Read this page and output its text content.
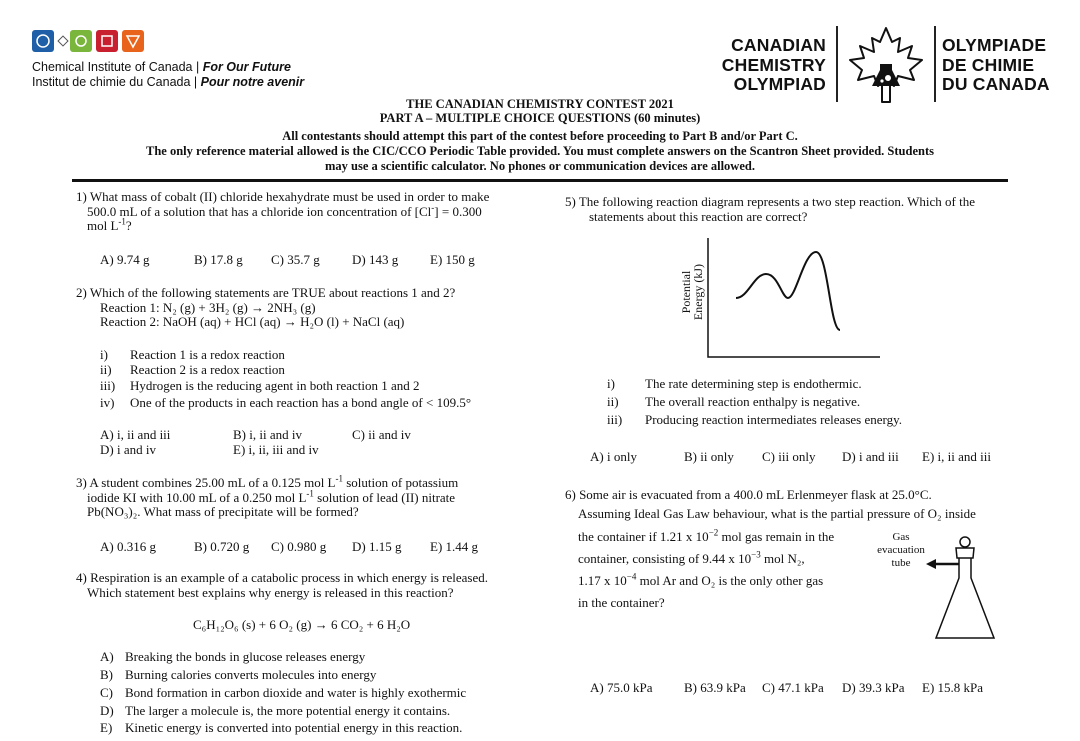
Chemical Institute of Canada | For Our Future
Institut de chimie du Canada | Pour notre avenir
CANADIAN
CHEMISTRY
OLYMPIAD
OLYMPIADE
DE CHIMIE
DU CANADA
THE CANADIAN CHEMISTRY CONTEST 2021
PART A – MULTIPLE CHOICE QUESTIONS (60 minutes)
All contestants should attempt this part of the contest before proceeding to Part B and/or Part C.
The only reference material allowed is the CIC/CCO Periodic Table provided. You must complete answers on the Scantron Sheet provided. Students
may use a scientific calculator. No phones or communication devices are allowed.
1) What mass of cobalt (II) chloride hexahydrate must be used in order to make
500.0 mL of a solution that has a chloride ion concentration of [Cl-] = 0.300
mol $L^{-1}$?
A) 9.74 g	B) 17.8 g C) 35.7 g D) 143 g E) 150 g
2) Which of the following statements are TRUE about reactions 1 and 2?
Reaction 1: N₂ (g) + 3H₂ (g) → 2NH₃ (g)
Reaction 2: NaOH (aq) + HCl (aq) → H₂O (l) + NaCl (aq)
i) Reaction 1 is a redox reaction
ii) Reaction 2 is a redox reaction
iii) Hydrogen is the reducing agent in both reaction 1 and 2
iv) One of the products in each reaction has a bond angle of < 109.5°
A) i, ii and iii	B) i, ii and iv	C) ii and iv
D) i and iv	E) i, ii, iii and iv
3) A student combines 25.00 mL of a 0.125 mol $L^{-1}$ solution of potassium
iodide KI with 10.00 mL of a 0.250 mol $L^{-1}$ solution of lead (II) nitrate
Pb(NO₃)₂. What mass of precipitate will be formed?
A) 0.316 g	B) 0.720 g C) 0.980 g D) 1.15 g E) 1.44 g
4) Respiration is an example of a catabolic process in which energy is released.
Which statement best explains why energy is released in this reaction?
C₆H₁₂O₆ (s) + 6 O₂ (g) → 6 CO₂ + 6 H₂O
A) Breaking the bonds in glucose releases energy
B) Burning calories converts molecules into energy
C) Bond formation in carbon dioxide and water is highly exothermic
D) The larger a molecule is, the more potential energy it contains.
E) Kinetic energy is converted into potential energy in this reaction.
5) The following reaction diagram represents a two step reaction. Which of the
statements about this reaction are correct?
Potential
Energy (kJ)
i) The rate determining step is endothermic.
ii) The overall reaction enthalpy is negative.
iii) Producing reaction intermediates releases energy.
A) i only	B) ii only C) iii only D) i and iii E) i, ii and iii
6) Some air is evacuated from a 400.0 mL Erlenmeyer flask at 25.0°C.
Assuming Ideal Gas Law behaviour, what is the partial pressure of O₂ inside
the container if 1.21 x $10^{-2}$ mol gas remain in the
container, consisting of 9.44 x $10^{-3}$ mol N₂,
1.17 x $10^{-4}$ mol Ar and O₂ is the only other gas
in the container?
Gas
evacuation
tube
A) 75.0 kPa B) 63.9 kPa C) 47.1 kPa D) 39.3 kPa E) 15.8 kPa
